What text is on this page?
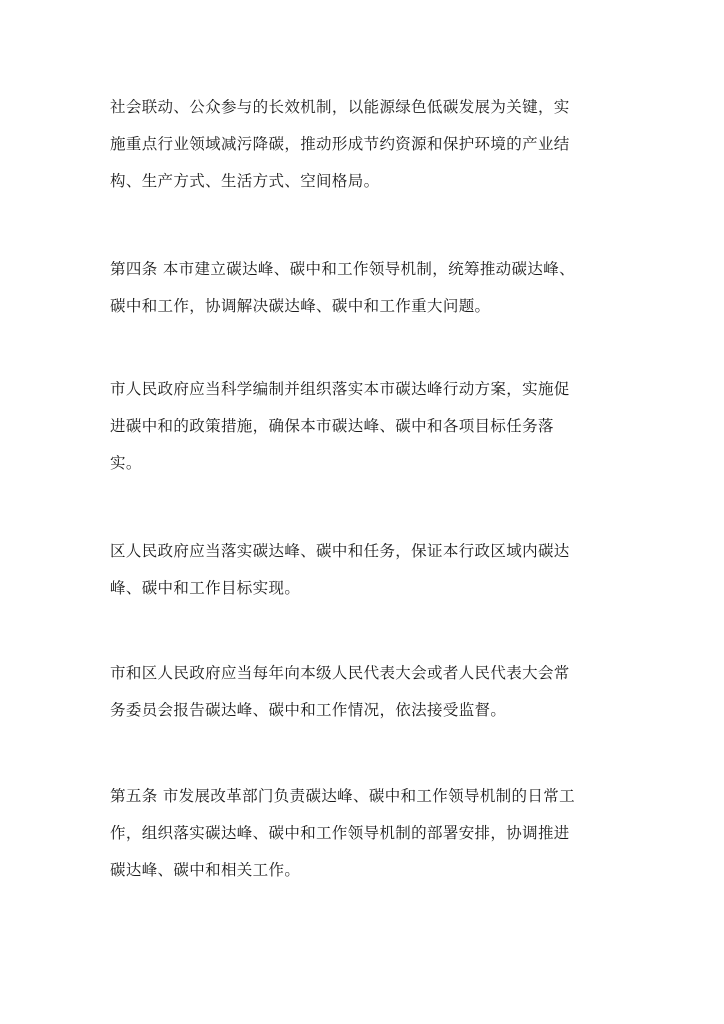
社会联动、公众参与的长效机制，以能源绿色低碳发展为关键，实
施重点行业领域减污降碳，推动形成节约资源和保护环境的产业结
构、生产方式、生活方式、空间格局。

第四条 本市建立碳达峰、碳中和工作领导机制，统筹推动碳达峰、
碳中和工作，协调解决碳达峰、碳中和工作重大问题。

市人民政府应当科学编制并组织落实本市碳达峰行动方案，实施促
进碳中和的政策措施，确保本市碳达峰、碳中和各项目标任务落
实。

区人民政府应当落实碳达峰、碳中和任务，保证本行政区域内碳达
峰、碳中和工作目标实现。

市和区人民政府应当每年向本级人民代表大会或者人民代表大会常
务委员会报告碳达峰、碳中和工作情况，依法接受监督。

第五条 市发展改革部门负责碳达峰、碳中和工作领导机制的日常工
作，组织落实碳达峰、碳中和工作领导机制的部署安排，协调推进
碳达峰、碳中和相关工作。
